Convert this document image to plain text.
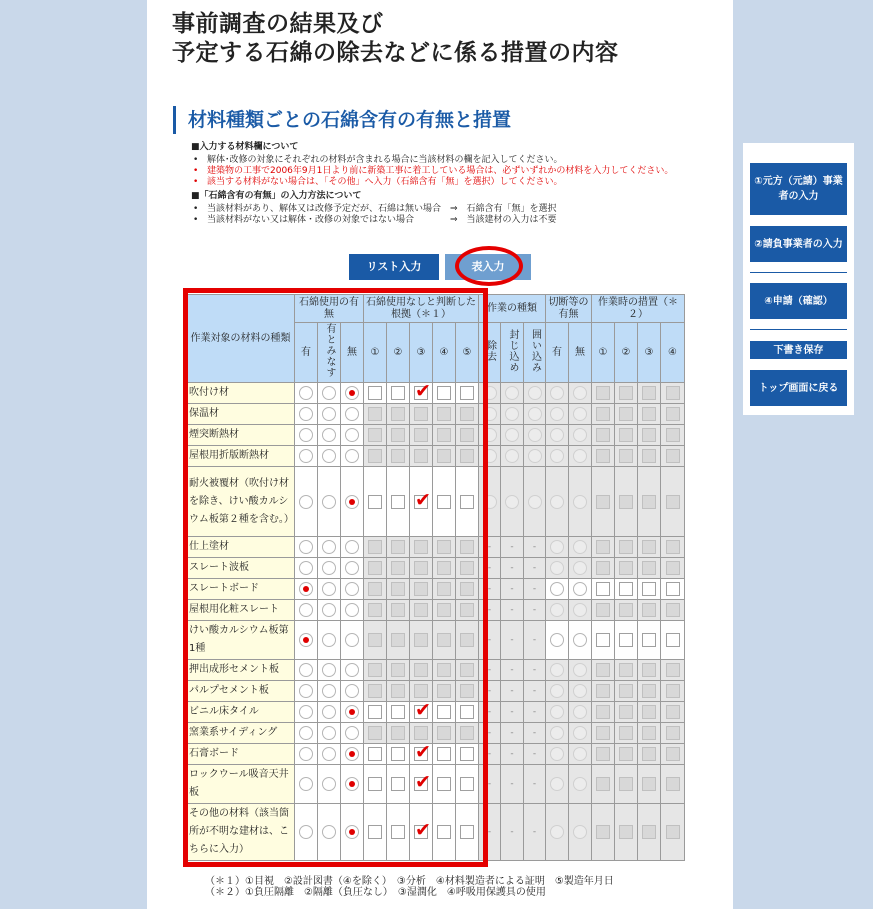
事前調査の結果及び
予定する石綿の除去などに係る措置の内容
材料種類ごとの石綿含有の有無と措置

■入力する材料欄について

• 解体･改修の対象にそれぞれの材料が含まれる場合に当該材料の欄を記入してください。
• 建築物の工事で2006年9月1日より前に新築工事に着工している場合は、必ずいずれかの材料を入力してください。
• 該当する材料がない場合は、「その他」へ入力（石綿含有「無」を選択）してください。

■「石綿含有の有無」の入力方法について

• 当該材料があり、解体又は改修予定だが、石綿は無い場合　⇒　石綿含有「無」を選択
• 当該材料がない又は解体・改修の対象ではない場合　　　　⇒　当該建材の入力は不要
リスト入力	表入力
作業対象の材料の種類	石綿使用の有無			石綿使用なしと判断した根拠（＊１）					作業の種類			切断等の有無		作業時の措置（＊２）			
	有	有とみなす	無	①	②	③	④	⑤	除去	封じ込め	囲い込み	有	無	①	②	③	④
吹付け材						✔											
保温材																	
煙突断熱材																	
屋根用折版断熱材																	
耐火被覆材（吹付け材を除き、けい酸カルシウム板第２種を含む。）						✔											
仕上塗材									-	-	-						
スレート波板									-	-	-						
スレートボード									-	-	-						
屋根用化粧スレート									-	-	-						
けい酸カルシウム板第1種									-	-	-						
押出成形セメント板									-	-	-						
パルプセメント板									-	-	-						
ビニル床タイル						✔			-	-	-						
窯業系サイディング									-	-	-						
石膏ボード						✔			-	-	-						
ロックウール吸音天井板						✔			-	-	-						
その他の材料（該当箇所が不明な建材は、こちらに入力）						✔			-	-	-						
（＊１）①目視　②設計図書（④を除く）　③分析　④材料製造者による証明　⑤製造年月日
（＊２）①負圧隔離　②隔離（負圧なし）　③湿潤化　④呼吸用保護具の使用
①元方（元請）事業者の入力
②請負事業者の入力
④申請（確認）
下書き保存
トップ画面に戻る
